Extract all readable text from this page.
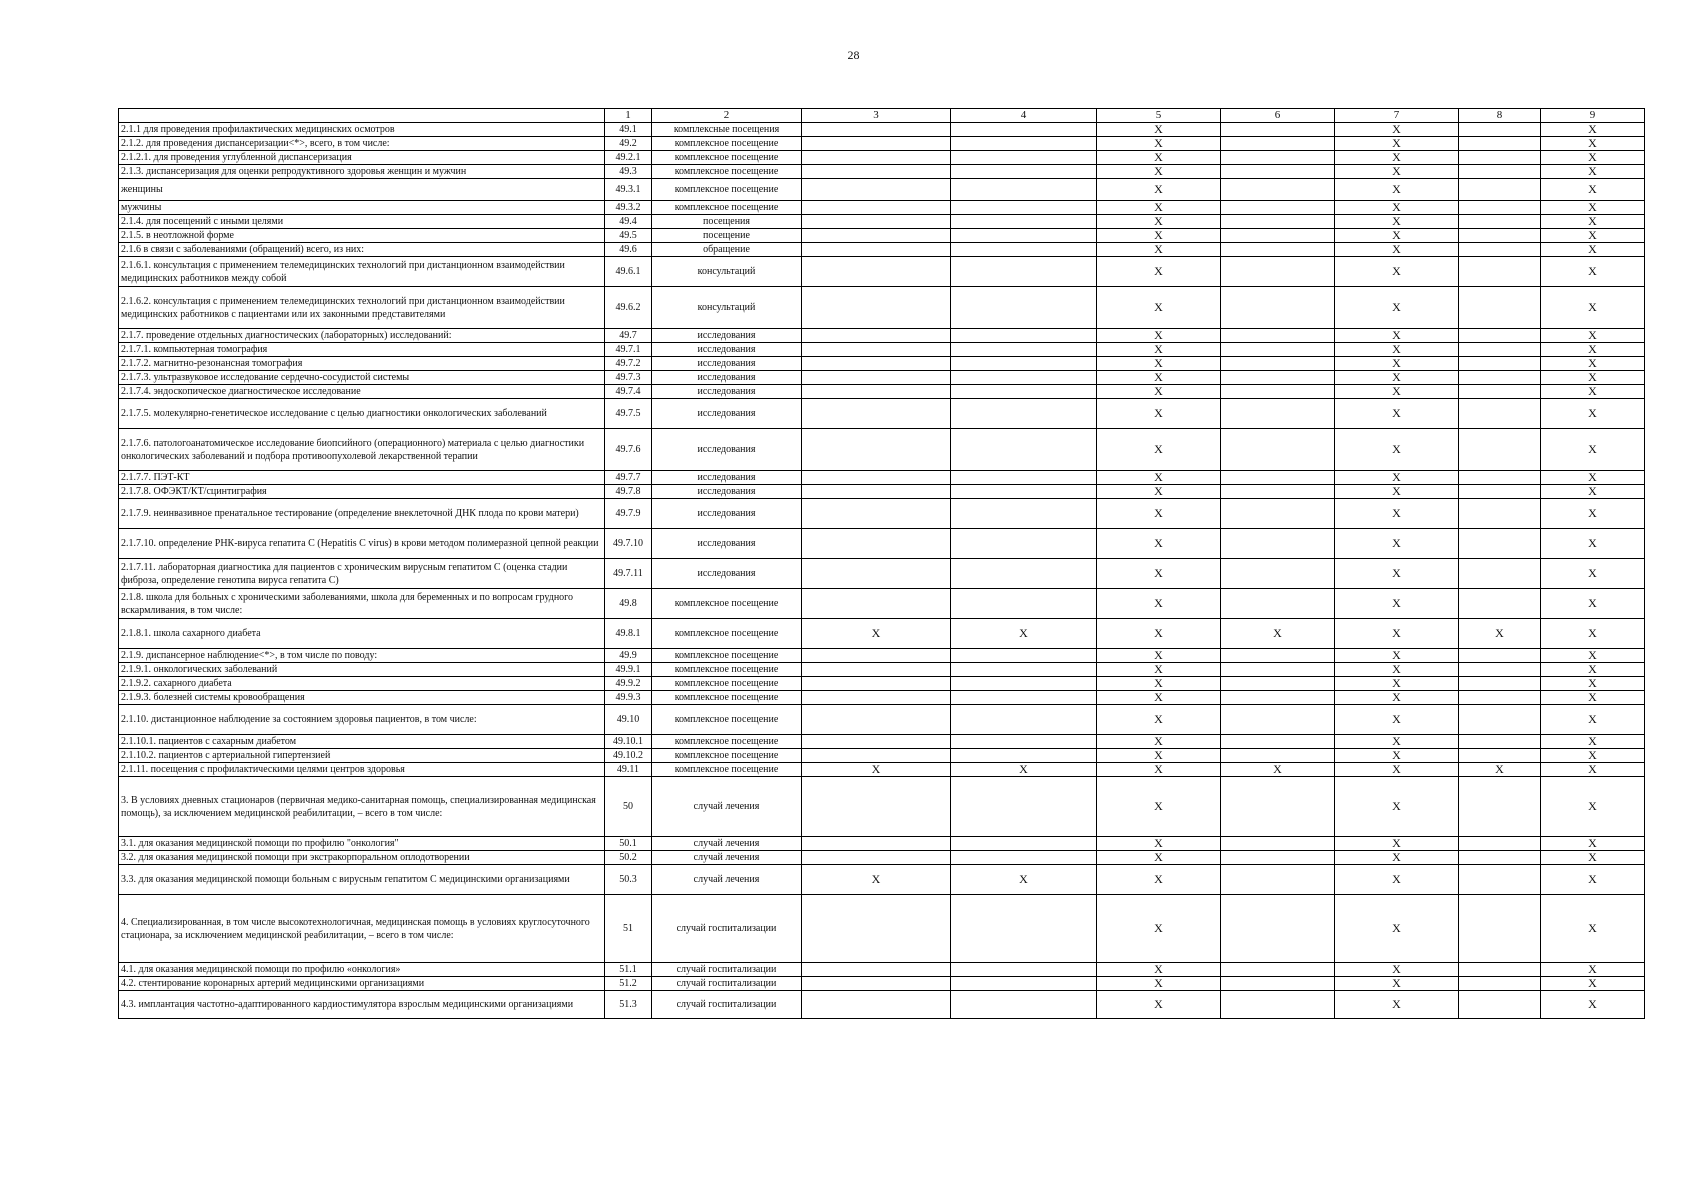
28
	1	2	3	4	5	6	7	8	9
2.1.1 для проведения профилактических медицинских осмотров	49.1	комплексные посещения			X		X		X
2.1.2. для проведения диспансеризации<*>, всего, в том числе:	49.2	комплексное посещение			X		X		X
2.1.2.1. для проведения углубленной диспансеризация	49.2.1	комплексное посещение			X		X		X
2.1.3. диспансеризация для оценки репродуктивного здоровья женщин и мужчин	49.3	комплексное посещение			X		X		X
женщины	49.3.1	комплексное посещение			X		X		X
мужчины	49.3.2	комплексное посещение			X		X		X
2.1.4. для посещений с иными целями	49.4	посещения			X		X		X
2.1.5. в неотложной форме	49.5	посещение			X		X		X
2.1.6 в связи с заболеваниями (обращений) всего, из них:	49.6	обращение			X		X		X
2.1.6.1. консультация с применением телемедицинских технологий при дистанционном взаимодействии медицинских работников между собой	49.6.1	консультаций			X		X		X
2.1.6.2. консультация с применением телемедицинских технологий при дистанционном взаимодействии медицинских работников с пациентами или их законными представителями	49.6.2	консультаций			X		X		X
2.1.7. проведение отдельных диагностических (лабораторных) исследований:	49.7	исследования			X		X		X
2.1.7.1. компьютерная томография	49.7.1	исследования			X		X		X
2.1.7.2. магнитно-резонансная томография	49.7.2	исследования			X		X		X
2.1.7.3. ультразвуковое исследование сердечно-сосудистой системы	49.7.3	исследования			X		X		X
2.1.7.4. эндоскопическое диагностическое исследование	49.7.4	исследования			X		X		X
2.1.7.5. молекулярно-генетическое исследование с целью диагностики онкологических заболеваний	49.7.5	исследования			X		X		X
2.1.7.6. патологоанатомическое исследование биопсийного (операционного) материала с целью диагностики онкологических заболеваний и подбора противоопухолевой лекарственной терапии	49.7.6	исследования			X		X		X
2.1.7.7. ПЭТ-КТ	49.7.7	исследования			X		X		X
2.1.7.8. ОФЭКТ/КТ/сцинтиграфия	49.7.8	исследования			X		X		X
2.1.7.9. неинвазивное пренатальное тестирование (определение внеклеточной ДНК плода по крови матери)	49.7.9	исследования			X		X		X
2.1.7.10. определение РНК-вируса гепатита С (Hepatitis C virus) в крови методом полимеразной цепной реакции	49.7.10	исследования			X		X		X
2.1.7.11. лабораторная диагностика для пациентов с хроническим вирусным гепатитом С (оценка стадии фиброза, определение генотипа вируса гепатита С)	49.7.11	исследования			X		X		X
2.1.8. школа для больных с хроническими заболеваниями, школа для беременных и по вопросам грудного вскармливания, в том числе:	49.8	комплексное посещение			X		X		X
2.1.8.1. школа сахарного диабета	49.8.1	комплексное посещение	X	X	X	X	X	X	X
2.1.9. диспансерное наблюдение<*>, в том числе по поводу:	49.9	комплексное посещение			X		X		X
2.1.9.1. онкологических заболеваний	49.9.1	комплексное посещение			X		X		X
2.1.9.2. сахарного диабета	49.9.2	комплексное посещение			X		X		X
2.1.9.3. болезней системы кровообращения	49.9.3	комплексное посещение			X		X		X
2.1.10. дистанционное наблюдение за состоянием здоровья пациентов, в том числе:	49.10	комплексное посещение			X		X		X
2.1.10.1. пациентов с сахарным диабетом	49.10.1	комплексное посещение			X		X		X
2.1.10.2. пациентов с артериальной гипертензией	49.10.2	комплексное посещение			X		X		X
2.1.11. посещения с профилактическими целями центров здоровья	49.11	комплексное посещение	X	X	X	X	X	X	X
3. В условиях дневных стационаров (первичная медико-санитарная помощь, специализированная медицинская помощь), за исключением медицинской реабилитации, – всего в том числе:	50	случай лечения			X		X		X
3.1. для оказания медицинской помощи по профилю "онкология"	50.1	случай лечения			X		X		X
3.2. для оказания медицинской помощи при экстракорпоральном оплодотворении	50.2	случай лечения			X		X		X
3.3. для оказания медицинской помощи больным с вирусным гепатитом С медицинскими организациями	50.3	случай лечения	X	X	X		X		X
4. Специализированная, в том числе высокотехнологичная, медицинская помощь в условиях круглосуточного стационара, за исключением медицинской реабилитации, – всего в том числе:	51	случай госпитализации			X		X		X
4.1. для оказания медицинской помощи по профилю «онкология»	51.1	случай госпитализации			X		X		X
4.2. стентирование коронарных артерий медицинскими организациями	51.2	случай госпитализации			X		X		X
4.3. имплантация частотно-адаптированного кардиостимулятора взрослым медицинскими организациями	51.3	случай госпитализации			X		X		X
